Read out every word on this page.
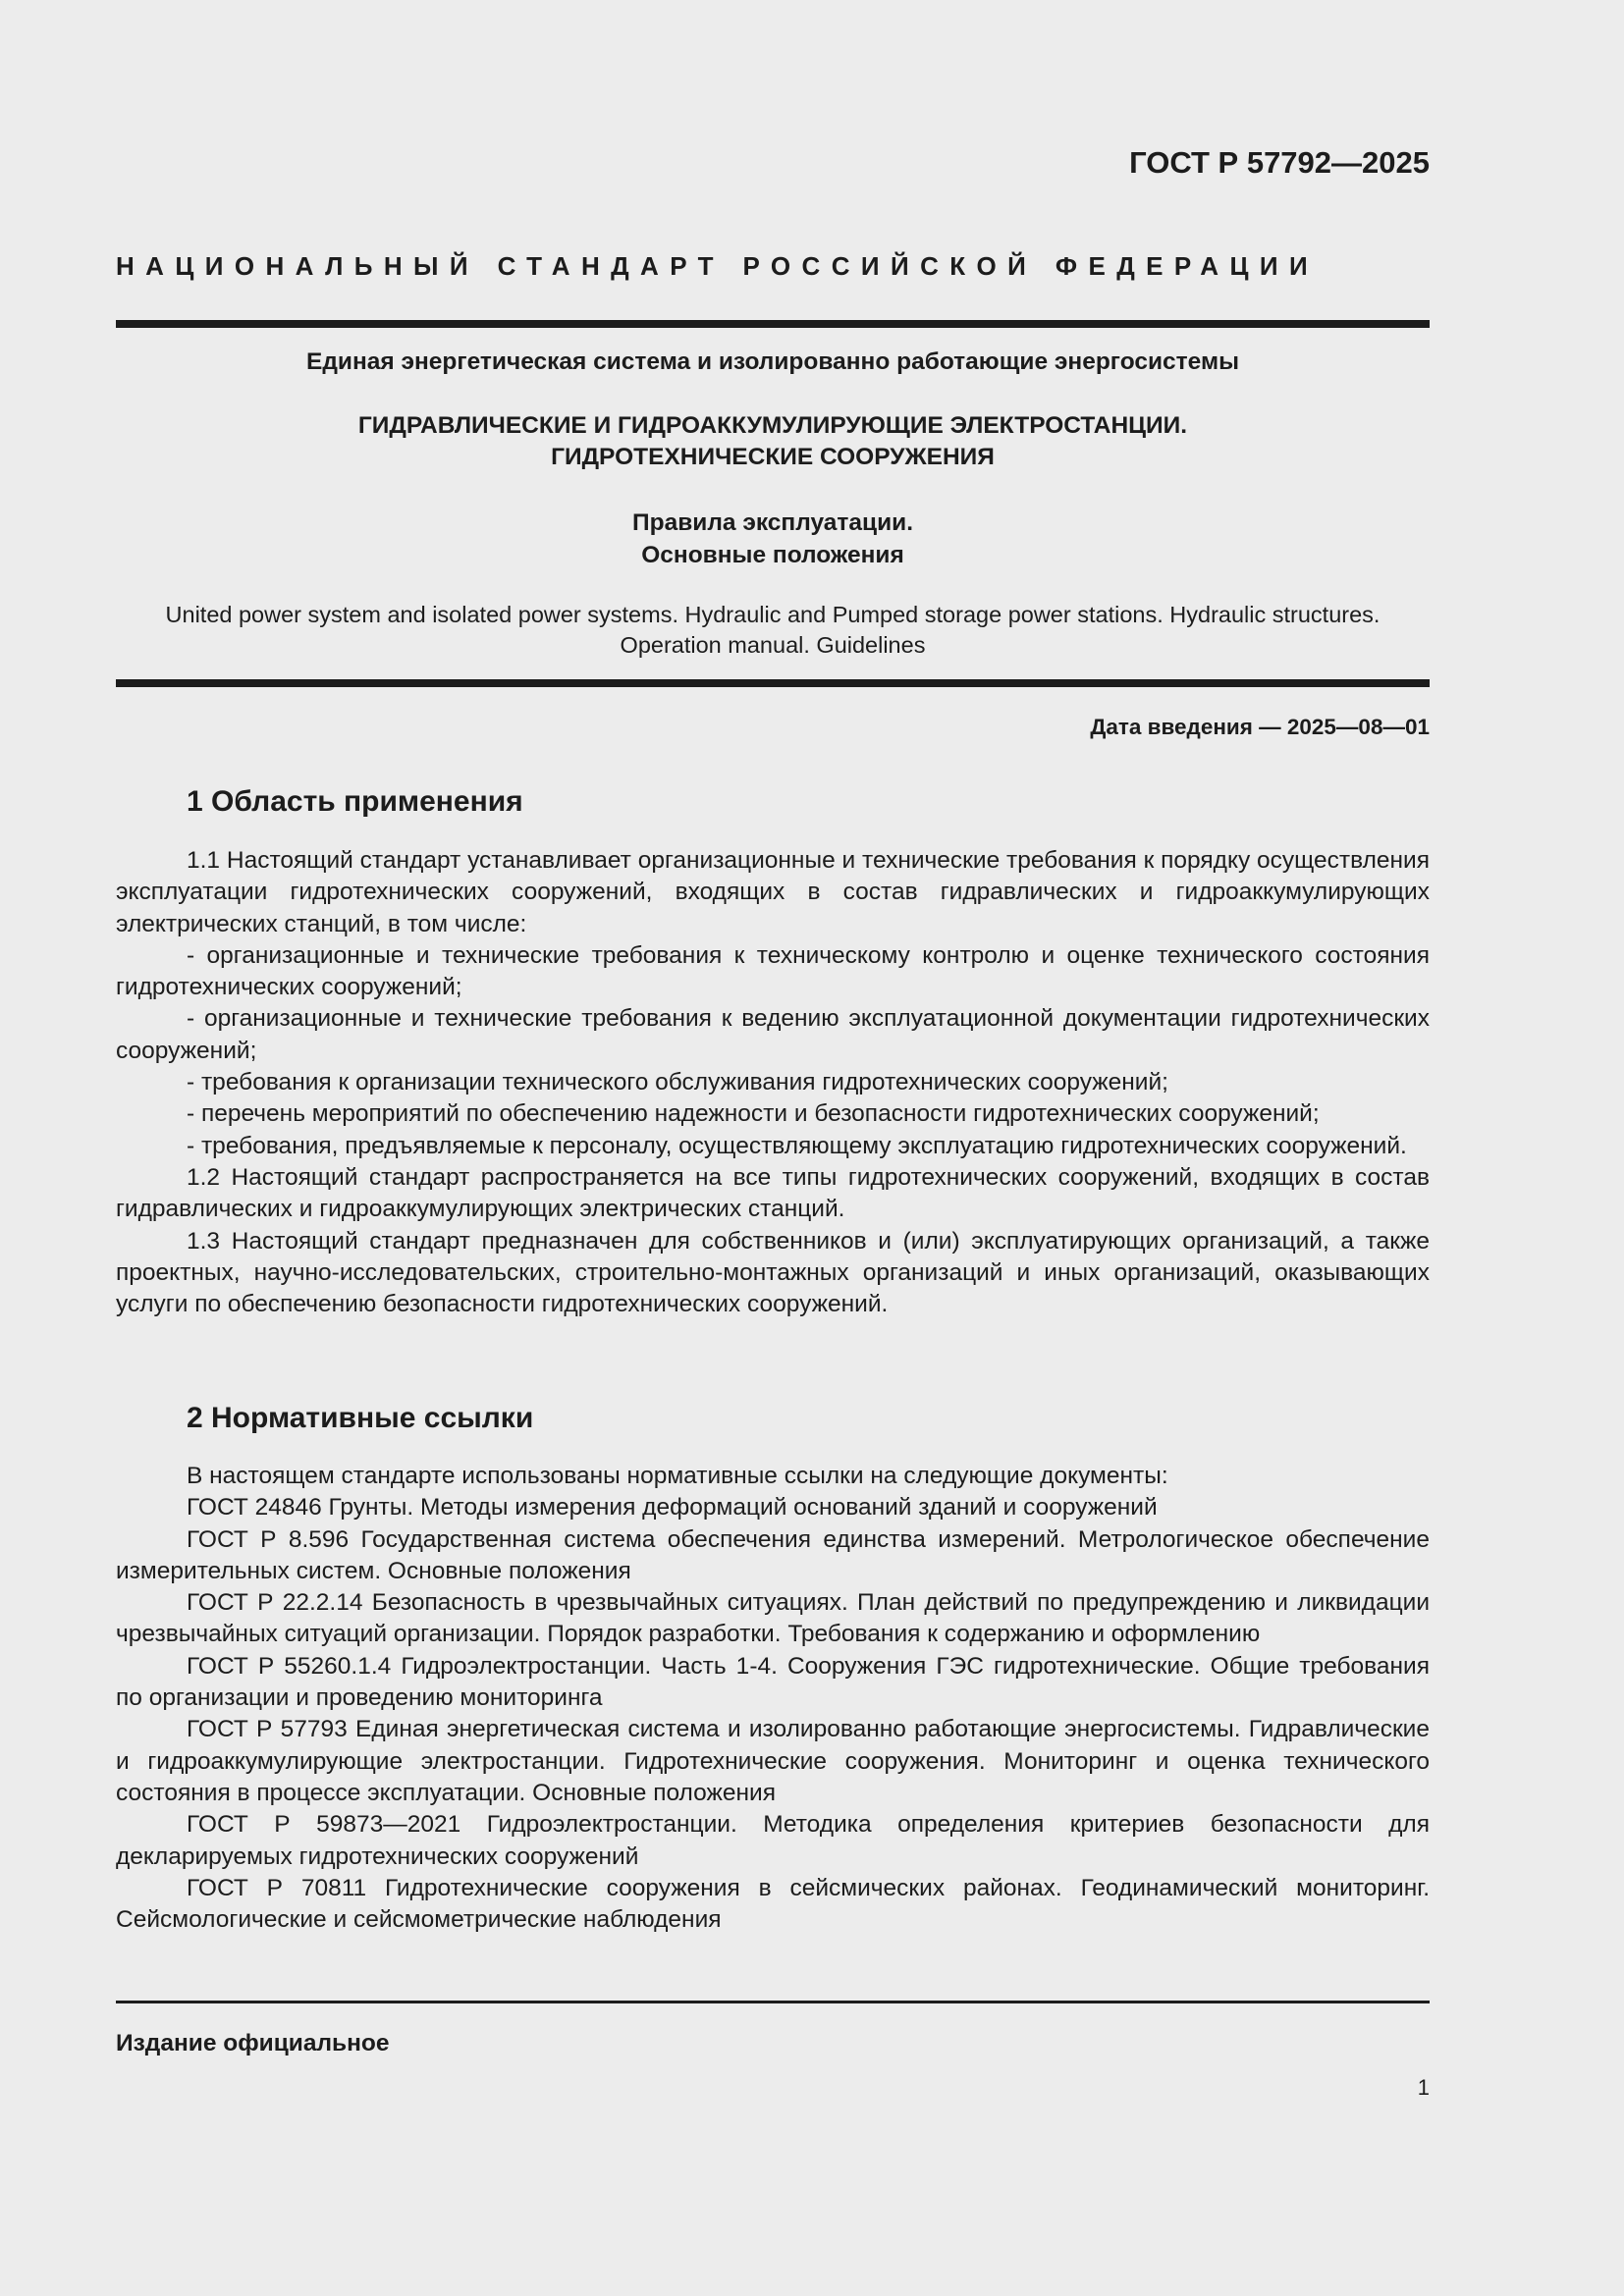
ГОСТ Р 57792—2025

НАЦИОНАЛЬНЫЙ СТАНДАРТ РОССИЙСКОЙ ФЕДЕРАЦИИ

Единая энергетическая система и изолированно работающие энергосистемы

ГИДРАВЛИЧЕСКИЕ И ГИДРОАККУМУЛИРУЮЩИЕ ЭЛЕКТРОСТАНЦИИ.
ГИДРОТЕХНИЧЕСКИЕ СООРУЖЕНИЯ
Правила эксплуатации.
Основные положения
United power system and isolated power systems. Hydraulic and Pumped storage power stations. Hydraulic structures.
Operation manual. Guidelines

Дата введения — 2025—08—01

1 Область применения

1.1 Настоящий стандарт устанавливает организационные и технические требования к порядку осуществления эксплуатации гидротехнических сооружений, входящих в состав гидравлических и гидроаккумулирующих электрических станций, в том числе:

- организационные и технические требования к техническому контролю и оценке технического состояния гидротехнических сооружений;

- организационные и технические требования к ведению эксплуатационной документации гидротехнических сооружений;

- требования к организации технического обслуживания гидротехнических сооружений;

- перечень мероприятий по обеспечению надежности и безопасности гидротехнических сооружений;

- требования, предъявляемые к персоналу, осуществляющему эксплуатацию гидротехнических сооружений.

1.2 Настоящий стандарт распространяется на все типы гидротехнических сооружений, входящих в состав гидравлических и гидроаккумулирующих электрических станций.

1.3 Настоящий стандарт предназначен для собственников и (или) эксплуатирующих организаций, а также проектных, научно-исследовательских, строительно-монтажных организаций и иных организаций, оказывающих услуги по обеспечению безопасности гидротехнических сооружений.

2 Нормативные ссылки

В настоящем стандарте использованы нормативные ссылки на следующие документы:

ГОСТ 24846 Грунты. Методы измерения деформаций оснований зданий и сооружений

ГОСТ Р 8.596 Государственная система обеспечения единства измерений. Метрологическое обеспечение измерительных систем. Основные положения

ГОСТ Р 22.2.14 Безопасность в чрезвычайных ситуациях. План действий по предупреждению и ликвидации чрезвычайных ситуаций организации. Порядок разработки. Требования к содержанию и оформлению

ГОСТ Р 55260.1.4 Гидроэлектростанции. Часть 1-4. Сооружения ГЭС гидротехнические. Общие требования по организации и проведению мониторинга

ГОСТ Р 57793 Единая энергетическая система и изолированно работающие энергосистемы. Гидравлические и гидроаккумулирующие электростанции. Гидротехнические сооружения. Мониторинг и оценка технического состояния в процессе эксплуатации. Основные положения

ГОСТ Р 59873—2021 Гидроэлектростанции. Методика определения критериев безопасности для декларируемых гидротехнических сооружений

ГОСТ Р 70811 Гидротехнические сооружения в сейсмических районах. Геодинамический мониторинг. Сейсмологические и сейсмометрические наблюдения

Издание официальное

1
